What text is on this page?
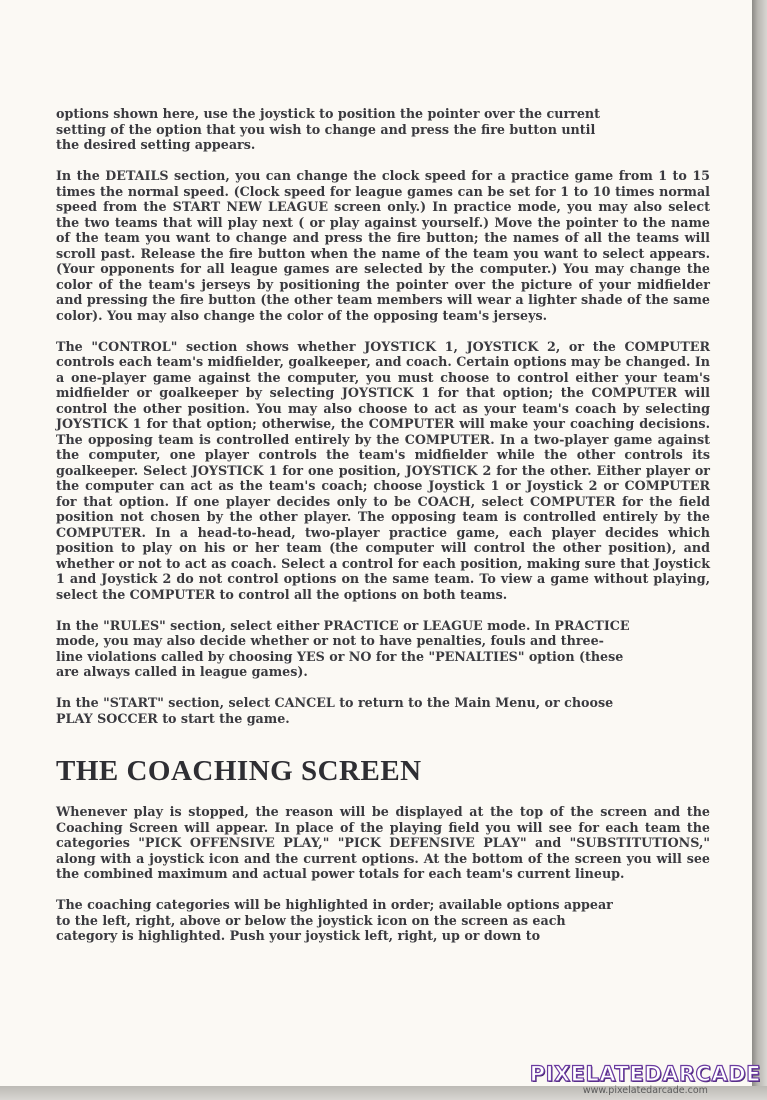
options shown here, use the joystick to position the pointer over the current
setting of the option that you wish to change and press the fire button until
the desired setting appears.

In the DETAILS section, you can change the clock speed for a practice game from 1 to 15 times the normal speed. (Clock speed for league games can be set for 1 to 10 times normal speed from the START NEW LEAGUE screen only.) In practice mode, you may also select the two teams that will play next ( or play against yourself.) Move the pointer to the name of the team you want to change and press the fire button; the names of all the teams will scroll past. Release the fire button when the name of the team you want to select appears. (Your opponents for all league games are selected by the computer.) You may change the color of the team's jerseys by positioning the pointer over the picture of your midfielder and pressing the fire button (the other team members will wear a lighter shade of the same color). You may also change the color of the opposing team's jerseys.

The "CONTROL" section shows whether JOYSTICK 1, JOYSTICK 2, or the COMPUTER controls each team's midfielder, goalkeeper, and coach. Certain options may be changed. In a one-player game against the computer, you must choose to control either your team's midfielder or goalkeeper by selecting JOYSTICK 1 for that option; the COMPUTER will control the other position. You may also choose to act as your team's coach by selecting JOYSTICK 1 for that option; otherwise, the COMPUTER will make your coaching decisions. The opposing team is controlled entirely by the COMPUTER. In a two-player game against the computer, one player controls the team's midfielder while the other controls its goalkeeper. Select JOYSTICK 1 for one position, JOYSTICK 2 for the other. Either player or the computer can act as the team's coach; choose Joystick 1 or Joystick 2 or COMPUTER for that option. If one player decides only to be COACH, select COMPUTER for the field position not chosen by the other player. The opposing team is controlled entirely by the COMPUTER. In a head-to-head, two-player practice game, each player decides which position to play on his or her team (the computer will control the other position), and whether or not to act as coach. Select a control for each position, making sure that Joystick 1 and Joystick 2 do not control options on the same team. To view a game without playing, select the COMPUTER to control all the options on both teams.

In the "RULES" section, select either PRACTICE or LEAGUE mode. In PRACTICE
mode, you may also decide whether or not to have penalties, fouls and three-
line violations called by choosing YES or NO for the "PENALTIES" option (these
are always called in league games).

In the "START" section, select CANCEL to return to the Main Menu, or choose
PLAY SOCCER to start the game.

THE COACHING SCREEN

Whenever play is stopped, the reason will be displayed at the top of the screen and the Coaching Screen will appear. In place of the playing field you will see for each team the categories "PICK OFFENSIVE PLAY," "PICK DEFENSIVE PLAY" and "SUBSTITUTIONS," along with a joystick icon and the current options. At the bottom of the screen you will see the combined maximum and actual power totals for each team's current lineup.

The coaching categories will be highlighted in order; available options appear
to the left, right, above or below the joystick icon on the screen as each
category is highlighted. Push your joystick left, right, up or down to

PIXELATEDARCADE
www.pixelatedarcade.com
